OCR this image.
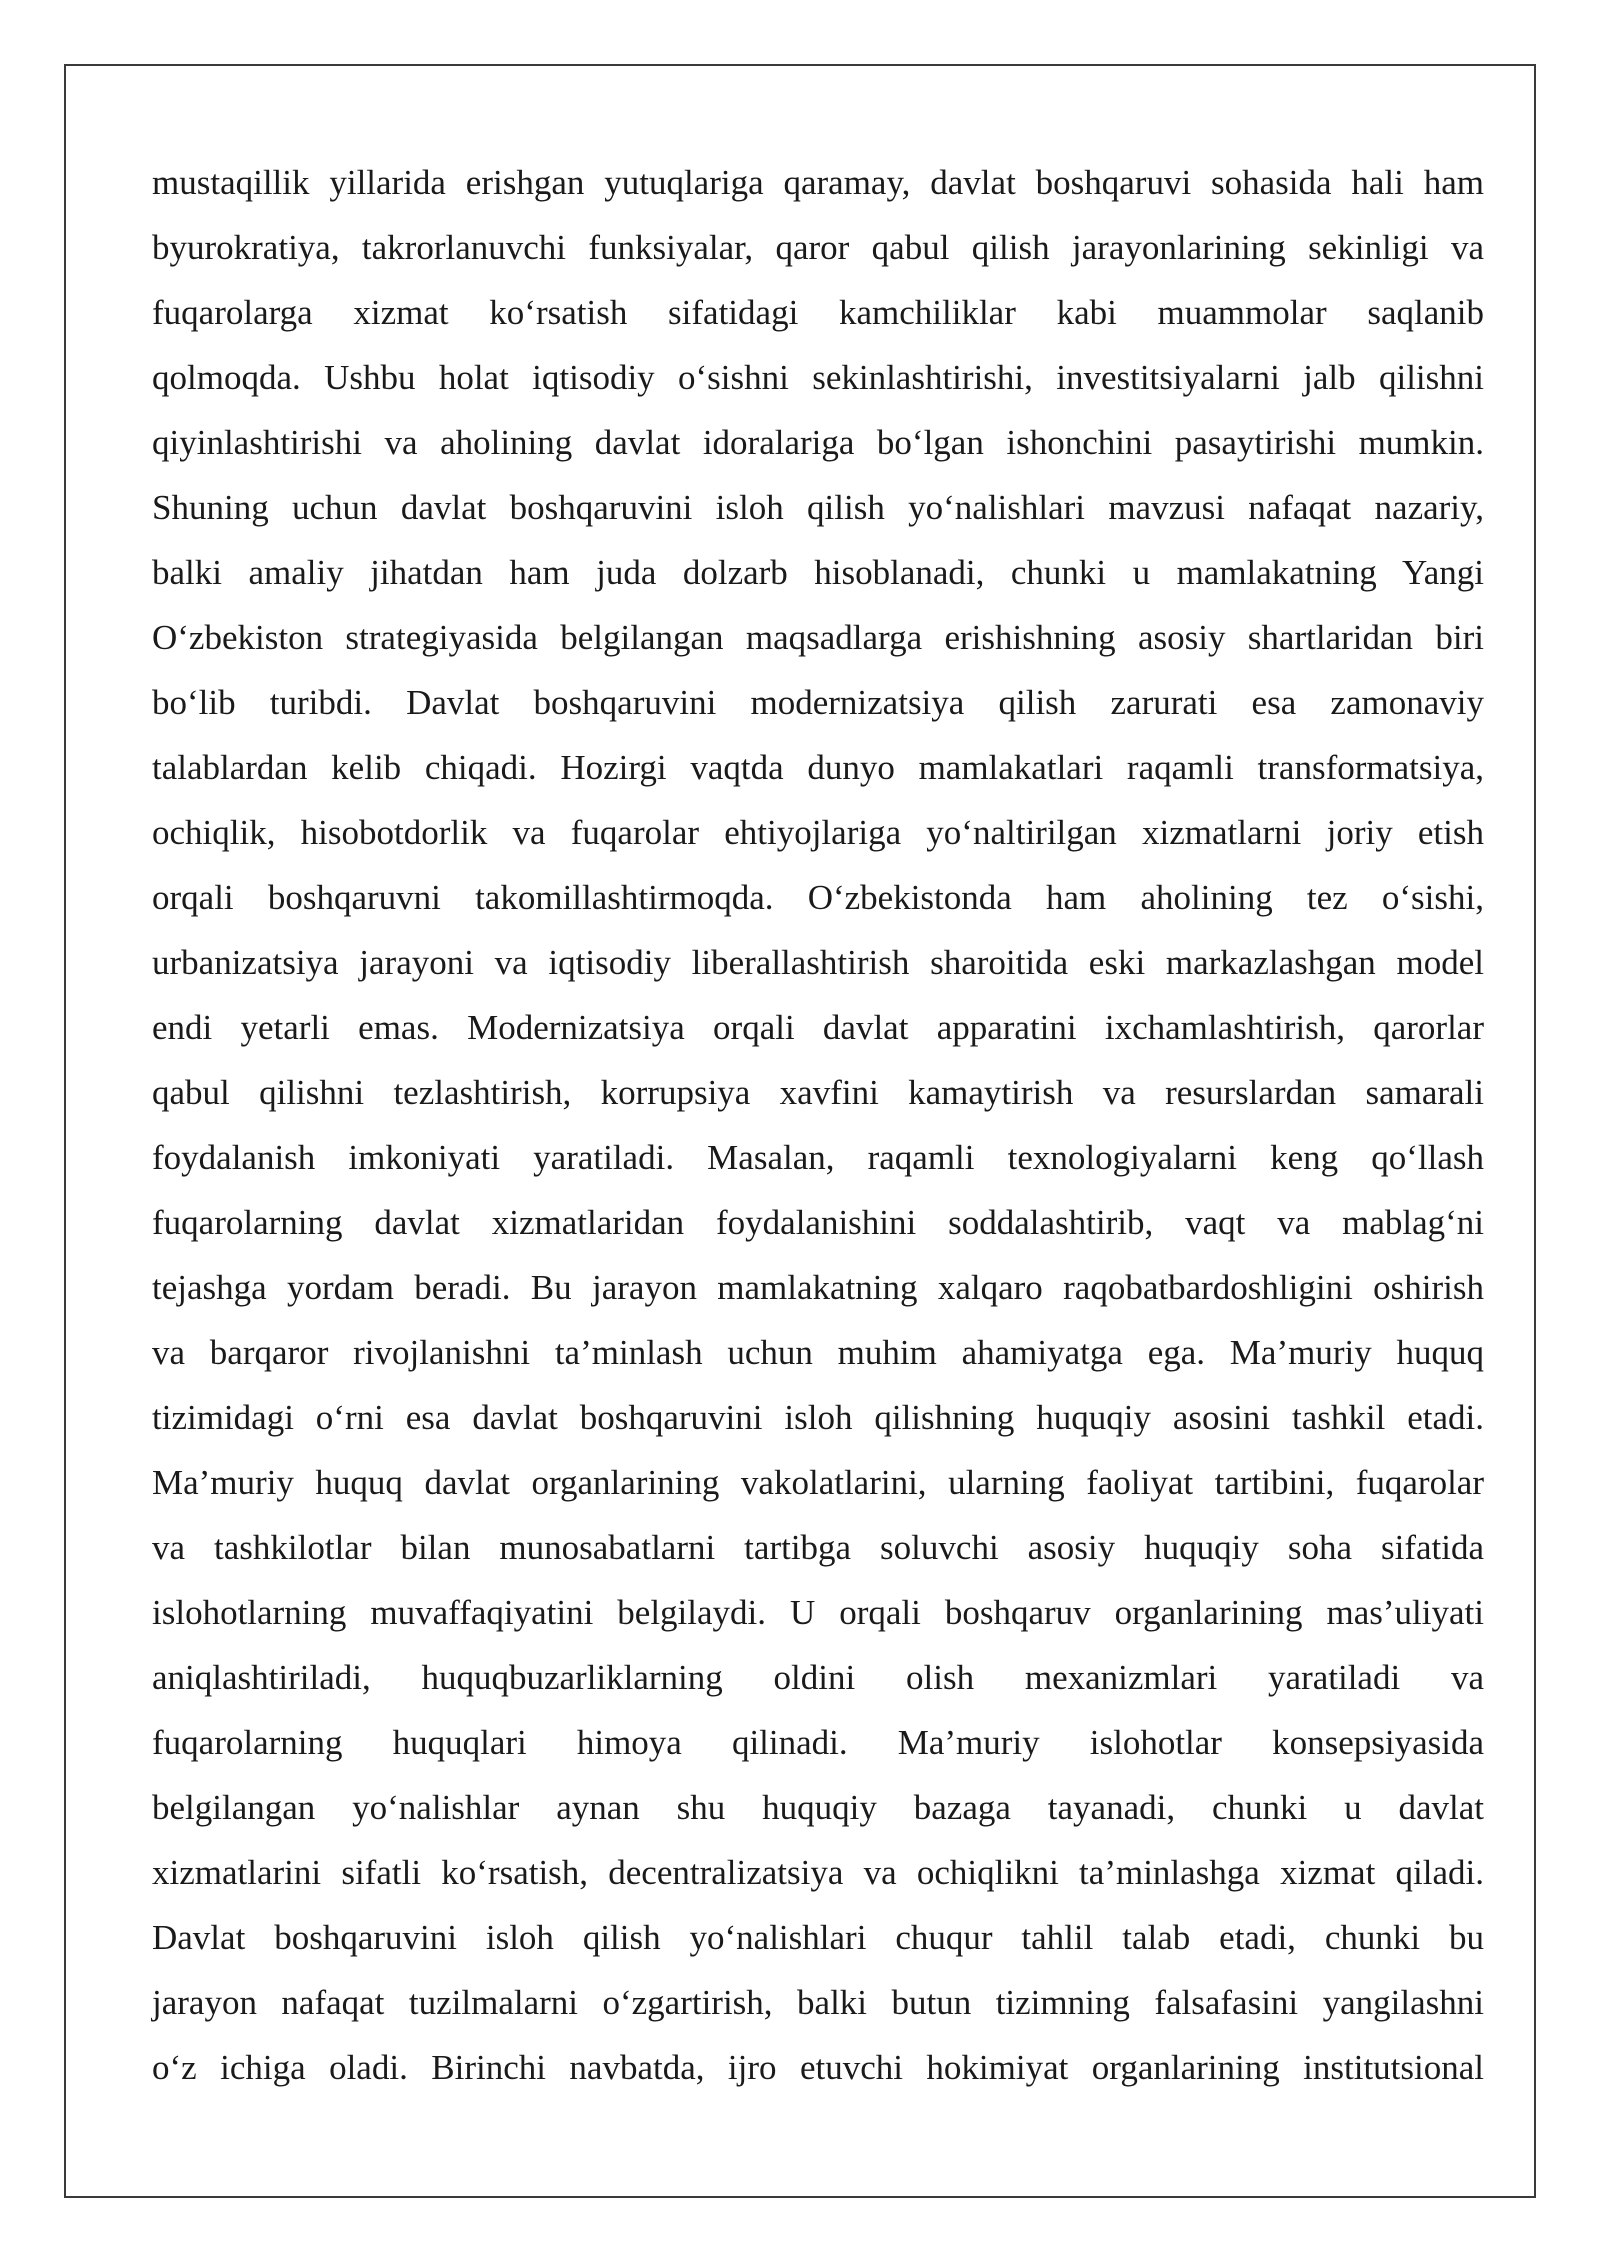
mustaqillik yillarida erishgan yutuqlariga qaramay, davlat boshqaruvi sohasida hali ham
byurokratiya, takrorlanuvchi funksiyalar, qaror qabul qilish jarayonlarining sekinligi va
fuqarolarga xizmat ko‘rsatish sifatidagi kamchiliklar kabi muammolar saqlanib
qolmoqda. Ushbu holat iqtisodiy o‘sishni sekinlashtirishi, investitsiyalarni jalb qilishni
qiyinlashtirishi va aholining davlat idoralariga bo‘lgan ishonchini pasaytirishi mumkin.
Shuning uchun davlat boshqaruvini isloh qilish yo‘nalishlari mavzusi nafaqat nazariy,
balki amaliy jihatdan ham juda dolzarb hisoblanadi, chunki u mamlakatning Yangi
O‘zbekiston strategiyasida belgilangan maqsadlarga erishishning asosiy shartlaridan biri
bo‘lib turibdi. Davlat boshqaruvini modernizatsiya qilish zarurati esa zamonaviy
talablardan kelib chiqadi. Hozirgi vaqtda dunyo mamlakatlari raqamli transformatsiya,
ochiqlik, hisobotdorlik va fuqarolar ehtiyojlariga yo‘naltirilgan xizmatlarni joriy etish
orqali boshqaruvni takomillashtirmoqda. O‘zbekistonda ham aholining tez o‘sishi,
urbanizatsiya jarayoni va iqtisodiy liberallashtirish sharoitida eski markazlashgan model
endi yetarli emas. Modernizatsiya orqali davlat apparatini ixchamlashtirish, qarorlar
qabul qilishni tezlashtirish, korrupsiya xavfini kamaytirish va resurslardan samarali
foydalanish imkoniyati yaratiladi. Masalan, raqamli texnologiyalarni keng qo‘llash
fuqarolarning davlat xizmatlaridan foydalanishini soddalashtirib, vaqt va mablag‘ni
tejashga yordam beradi. Bu jarayon mamlakatning xalqaro raqobatbardoshligini oshirish
va barqaror rivojlanishni ta’minlash uchun muhim ahamiyatga ega. Ma’muriy huquq
tizimidagi o‘rni esa davlat boshqaruvini isloh qilishning huquqiy asosini tashkil etadi.
Ma’muriy huquq davlat organlarining vakolatlarini, ularning faoliyat tartibini, fuqarolar
va tashkilotlar bilan munosabatlarni tartibga soluvchi asosiy huquqiy soha sifatida
islohotlarning muvaffaqiyatini belgilaydi. U orqali boshqaruv organlarining mas’uliyati
aniqlashtiriladi, huquqbuzarliklarning oldini olish mexanizmlari yaratiladi va
fuqarolarning huquqlari himoya qilinadi. Ma’muriy islohotlar konsepsiyasida
belgilangan yo‘nalishlar aynan shu huquqiy bazaga tayanadi, chunki u davlat
xizmatlarini sifatli ko‘rsatish, decentralizatsiya va ochiqlikni ta’minlashga xizmat qiladi.
Davlat boshqaruvini isloh qilish yo‘nalishlari chuqur tahlil talab etadi, chunki bu
jarayon nafaqat tuzilmalarni o‘zgartirish, balki butun tizimning falsafasini yangilashni
o‘z ichiga oladi. Birinchi navbatda, ijro etuvchi hokimiyat organlarining institutsional
